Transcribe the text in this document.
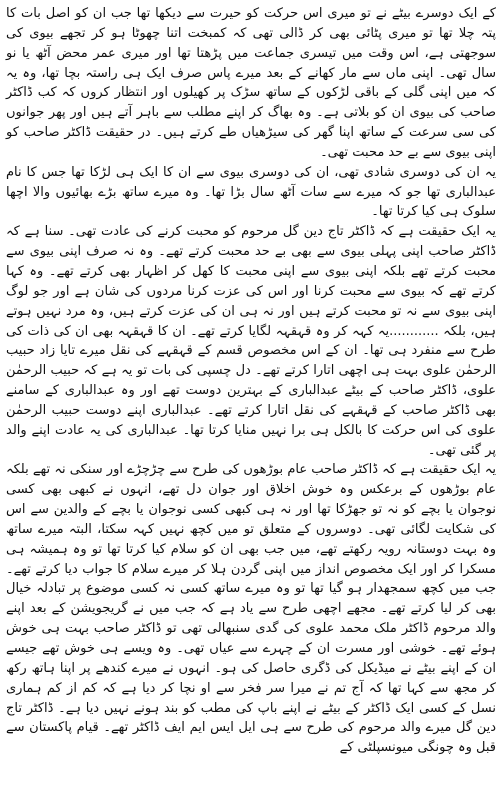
کے ایک دوسرے بیٹے نے تو میری اس حرکت کو حیرت سے دیکھا تھا جب ان کو اصل بات کا پتہ چلا تھا تو میری پٹائی بھی کر ڈالی تھی کہ کمبخت اتنا چھوٹا ہو کر تجھے بیوی کی سوجھتی ہے، اس وقت میں تیسری جماعت میں پڑھتا تھا اور میری عمر محض آٹھ یا نو سال تھی۔ اپنی ماں سے مار کھانے کے بعد میرے پاس صرف ایک ہی راستہ بچا تھا، وہ یہ کہ میں اپنی گلی کے باقی لڑکوں کے ساتھ سڑک پر کھیلوں اور انتظار کروں کہ کب ڈاکٹر صاحب کی بیوی ان کو بلاتی ہے۔ وہ بھاگ کر اپنے مطلب سے باہر آتے ہیں اور پھر جوانوں کی سی سرعت کے ساتھ اپنا گھر کی سیڑھیاں طے کرتے ہیں۔ در حقیقت ڈاکٹر صاحب کو اپنی بیوی سے بے حد محبت تھی۔

یہ ان کی دوسری شادی تھی، ان کی دوسری بیوی سے ان کا ایک ہی لڑکا تھا جس کا نام عبدالباری تھا جو کہ میرے سے سات آٹھ سال بڑا تھا۔ وہ میرے ساتھ بڑے بھائیوں والا اچھا سلوک ہی کیا کرتا تھا۔

یہ ایک حقیقت ہے کہ ڈاکٹر تاج دین گل مرحوم کو محبت کرنے کی عادت تھی۔ سنا ہے کہ ڈاکٹر صاحب اپنی پہلی بیوی سے بھی بے حد محبت کرتے تھے۔ وہ نہ صرف اپنی بیوی سے محبت کرتے تھے بلکہ اپنی بیوی سے اپنی محبت کا کھل کر اظہار بھی کرتے تھے۔ وہ کہا کرتے تھے کہ بیوی سے محبت کرنا اور اس کی عزت کرنا مردوں کی شان ہے اور جو لوگ اپنی بیوی سے نہ تو محبت کرتے ہیں اور نہ ہی ان کی عزت کرتے ہیں، وہ مرد نہیں ہوتے ہیں، بلکہ ............یہ کہہ کر وہ قہقہہ لگایا کرتے تھے۔ ان کا قہقہہ بھی ان کی ذات کی طرح سے منفرد ہی تھا۔ ان کے اس مخصوص قسم کے قہقہے کی نقل میرے تایا زاد حبیب الرحمٰن علوی بہت ہی اچھی اتارا کرتے تھے۔ دل چسپی کی بات تو یہ ہے کہ حبیب الرحمٰن علوی، ڈاکٹر صاحب کے بیٹے عبدالباری کے بہترین دوست تھے اور وہ عبدالباری کے سامنے بھی ڈاکٹر صاحب کے قہقہے کی نقل اتارا کرتے تھے۔ عبدالباری اپنے دوست حبیب الرحمٰن علوی کی اس حرکت کا بالکل ہی برا نہیں منایا کرتا تھا۔ عبدالباری کی یہ عادت اپنے والد پر گئی تھی۔

یہ ایک حقیقت ہے کہ ڈاکٹر صاحب عام بوڑھوں کی طرح سے چڑچڑے اور سنکی نہ تھے بلکہ عام بوڑھوں کے برعکس وہ خوش اخلاق اور جوان دل تھے، انہوں نے کبھی بھی کسی نوجوان یا بچے کو نہ تو جھڑکا تھا اور نہ ہی کبھی کسی نوجوان یا بچے کے والدین سے اس کی شکایت لگائی تھی۔ دوسروں کے متعلق تو میں کچھ نہیں کہہ سکتا، البتہ میرے ساتھ وہ بہت دوستانہ رویہ رکھتے تھے، میں جب بھی ان کو سلام کیا کرتا تھا تو وہ ہمیشہ ہی مسکرا کر اور ایک مخصوص انداز میں اپنی گردن ہلا کر میرے سلام کا جواب دیا کرتے تھے۔ جب میں کچھ سمجھدار ہو گیا تھا تو وہ میرے ساتھ کسی نہ کسی موضوع پر تبادلہ خیال بھی کر لیا کرتے تھے۔ مجھے اچھی طرح سے یاد ہے کہ جب میں نے گریجویشن کے بعد اپنے والد مرحوم ڈاکٹر ملک محمد علوی کی گدی سنبھالی تھی تو ڈاکٹر صاحب بہت ہی خوش ہوئے تھے۔ خوشی اور مسرت ان کے چہرے سے عیاں تھی۔ وہ ویسے ہی خوش تھے جیسے ان کے اپنے بیٹے نے میڈیکل کی ڈگری حاصل کی ہو۔ انہوں نے میرے کندھے پر اپنا ہاتھ رکھ کر مجھ سے کہا تھا کہ آج تم نے میرا سر فخر سے او نچا کر دیا ہے کہ کم از کم ہماری نسل کے کسی ایک ڈاکٹر کے بیٹے نے اپنے باپ کی مطب کو بند ہونے نہیں دیا ہے۔ ڈاکٹر تاج دین گل میرے والد مرحوم کی طرح سے ہی ایل ایس ایم ایف ڈاکٹر تھے۔ قیام پاکستان سے قبل وہ چونگی میونسپلٹی کے
